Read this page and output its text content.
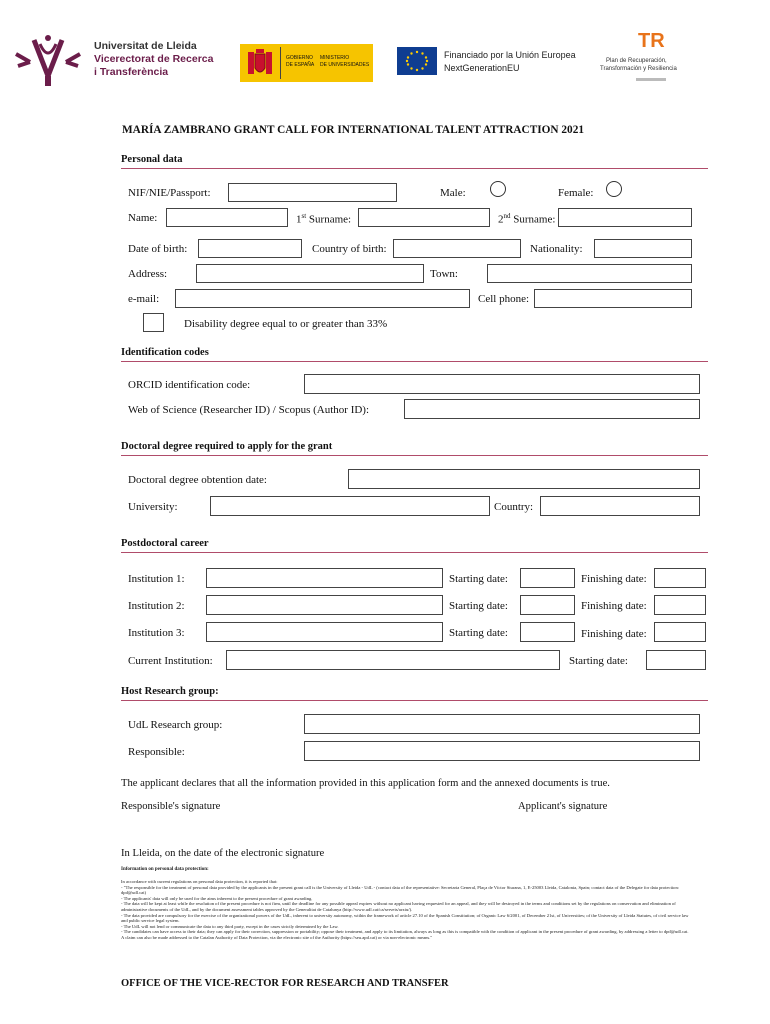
Universitat de Lleida
Vicerectorat de Recerca
i Transferència
GOBIERNO
DE ESPAÑA
MINISTERIO
DE UNIVERSIDADES
Financiado por la Unión Europea
NextGenerationEU
TR
Plan de Recuperación,
Transformación y Resiliencia
MARÍA ZAMBRANO GRANT CALL FOR INTERNATIONAL TALENT ATTRACTION 2021
Personal data
NIF/NIE/Passport:	Male:	Female:
Name:	1st Surname:	2nd Surname:
Date of birth:	Country of birth:	Nationality:
Address:	Town:
e-mail:	Cell phone:
Disability degree equal to or greater than 33%
Identification codes
ORCID identification code:
Web of Science (Researcher ID) / Scopus (Author ID):
Doctoral degree required to apply for the grant
Doctoral degree obtention date:
University:	Country:
Postdoctoral career
Institution 1:	Starting date:	Finishing date:
Institution 2:	Starting date:	Finishing date:
Institution 3:	Starting date:	Finishing date:
Current Institution:	Starting date:
Host Research group:
UdL Research group:
Responsible:
The applicant declares that all the information provided in this application form and the annexed documents is true.
Responsible's signature	Applicant's signature
In Lleida, on the date of the electronic signature
Information on personal data protection:
In accordance with current regulations on personal data protection, it is reported that:
- "The responsible for the treatment of personal data provided by the applicants in the present grant call is the University of Lleida - UdL - (contact data of the representative: Secretaria General, Plaça de Víctor Siurana, 1, E-25003 Lleida, Catalonia, Spain; contact data of the Delegate for data protection: dpd@udl.cat)
- The applicants' data will only be used for the aims inherent to the present procedure of grant awarding.
- The data will be kept at least while the resolution of the present procedure is not firm, until the deadline for any possible appeal expires without no applicant having requested for an appeal, and they will be destroyed in the terms and conditions set by the regulations on conservation and elimination of administrative documents of the UdL, and by the document assessment tables approved by the Generalitat de Catalunya (http://www.udl.cat/ca/serveis/arxiu/).
- The data provided are compulsory for the exercise of the organizational powers of the UdL, inherent to university autonomy, within the framework of article 27.10 of the Spanish Constitution; of Organic Law 6/2001, of December 21st, of Universities; of the University of Lleida Statutes, of civil service law and public service legal system.
- The UdL will not lend or communicate the data to any third party, except in the cases strictly determined by the Law.
- The candidates can have access to their data; they can apply for their correction, suppression or portability; oppose their treatment, and apply to its limitation, always as long as this is compatible with the condition of applicant in the present procedure of grant awarding, by addressing a letter to dpd@udl.cat. A claim can also be made addressed to the Catalan Authority of Data Protection, via the electronic site of the Authority (https://seu.apd.cat) or via non-electronic means."
OFFICE OF THE VICE-RECTOR FOR RESEARCH AND TRANSFER
